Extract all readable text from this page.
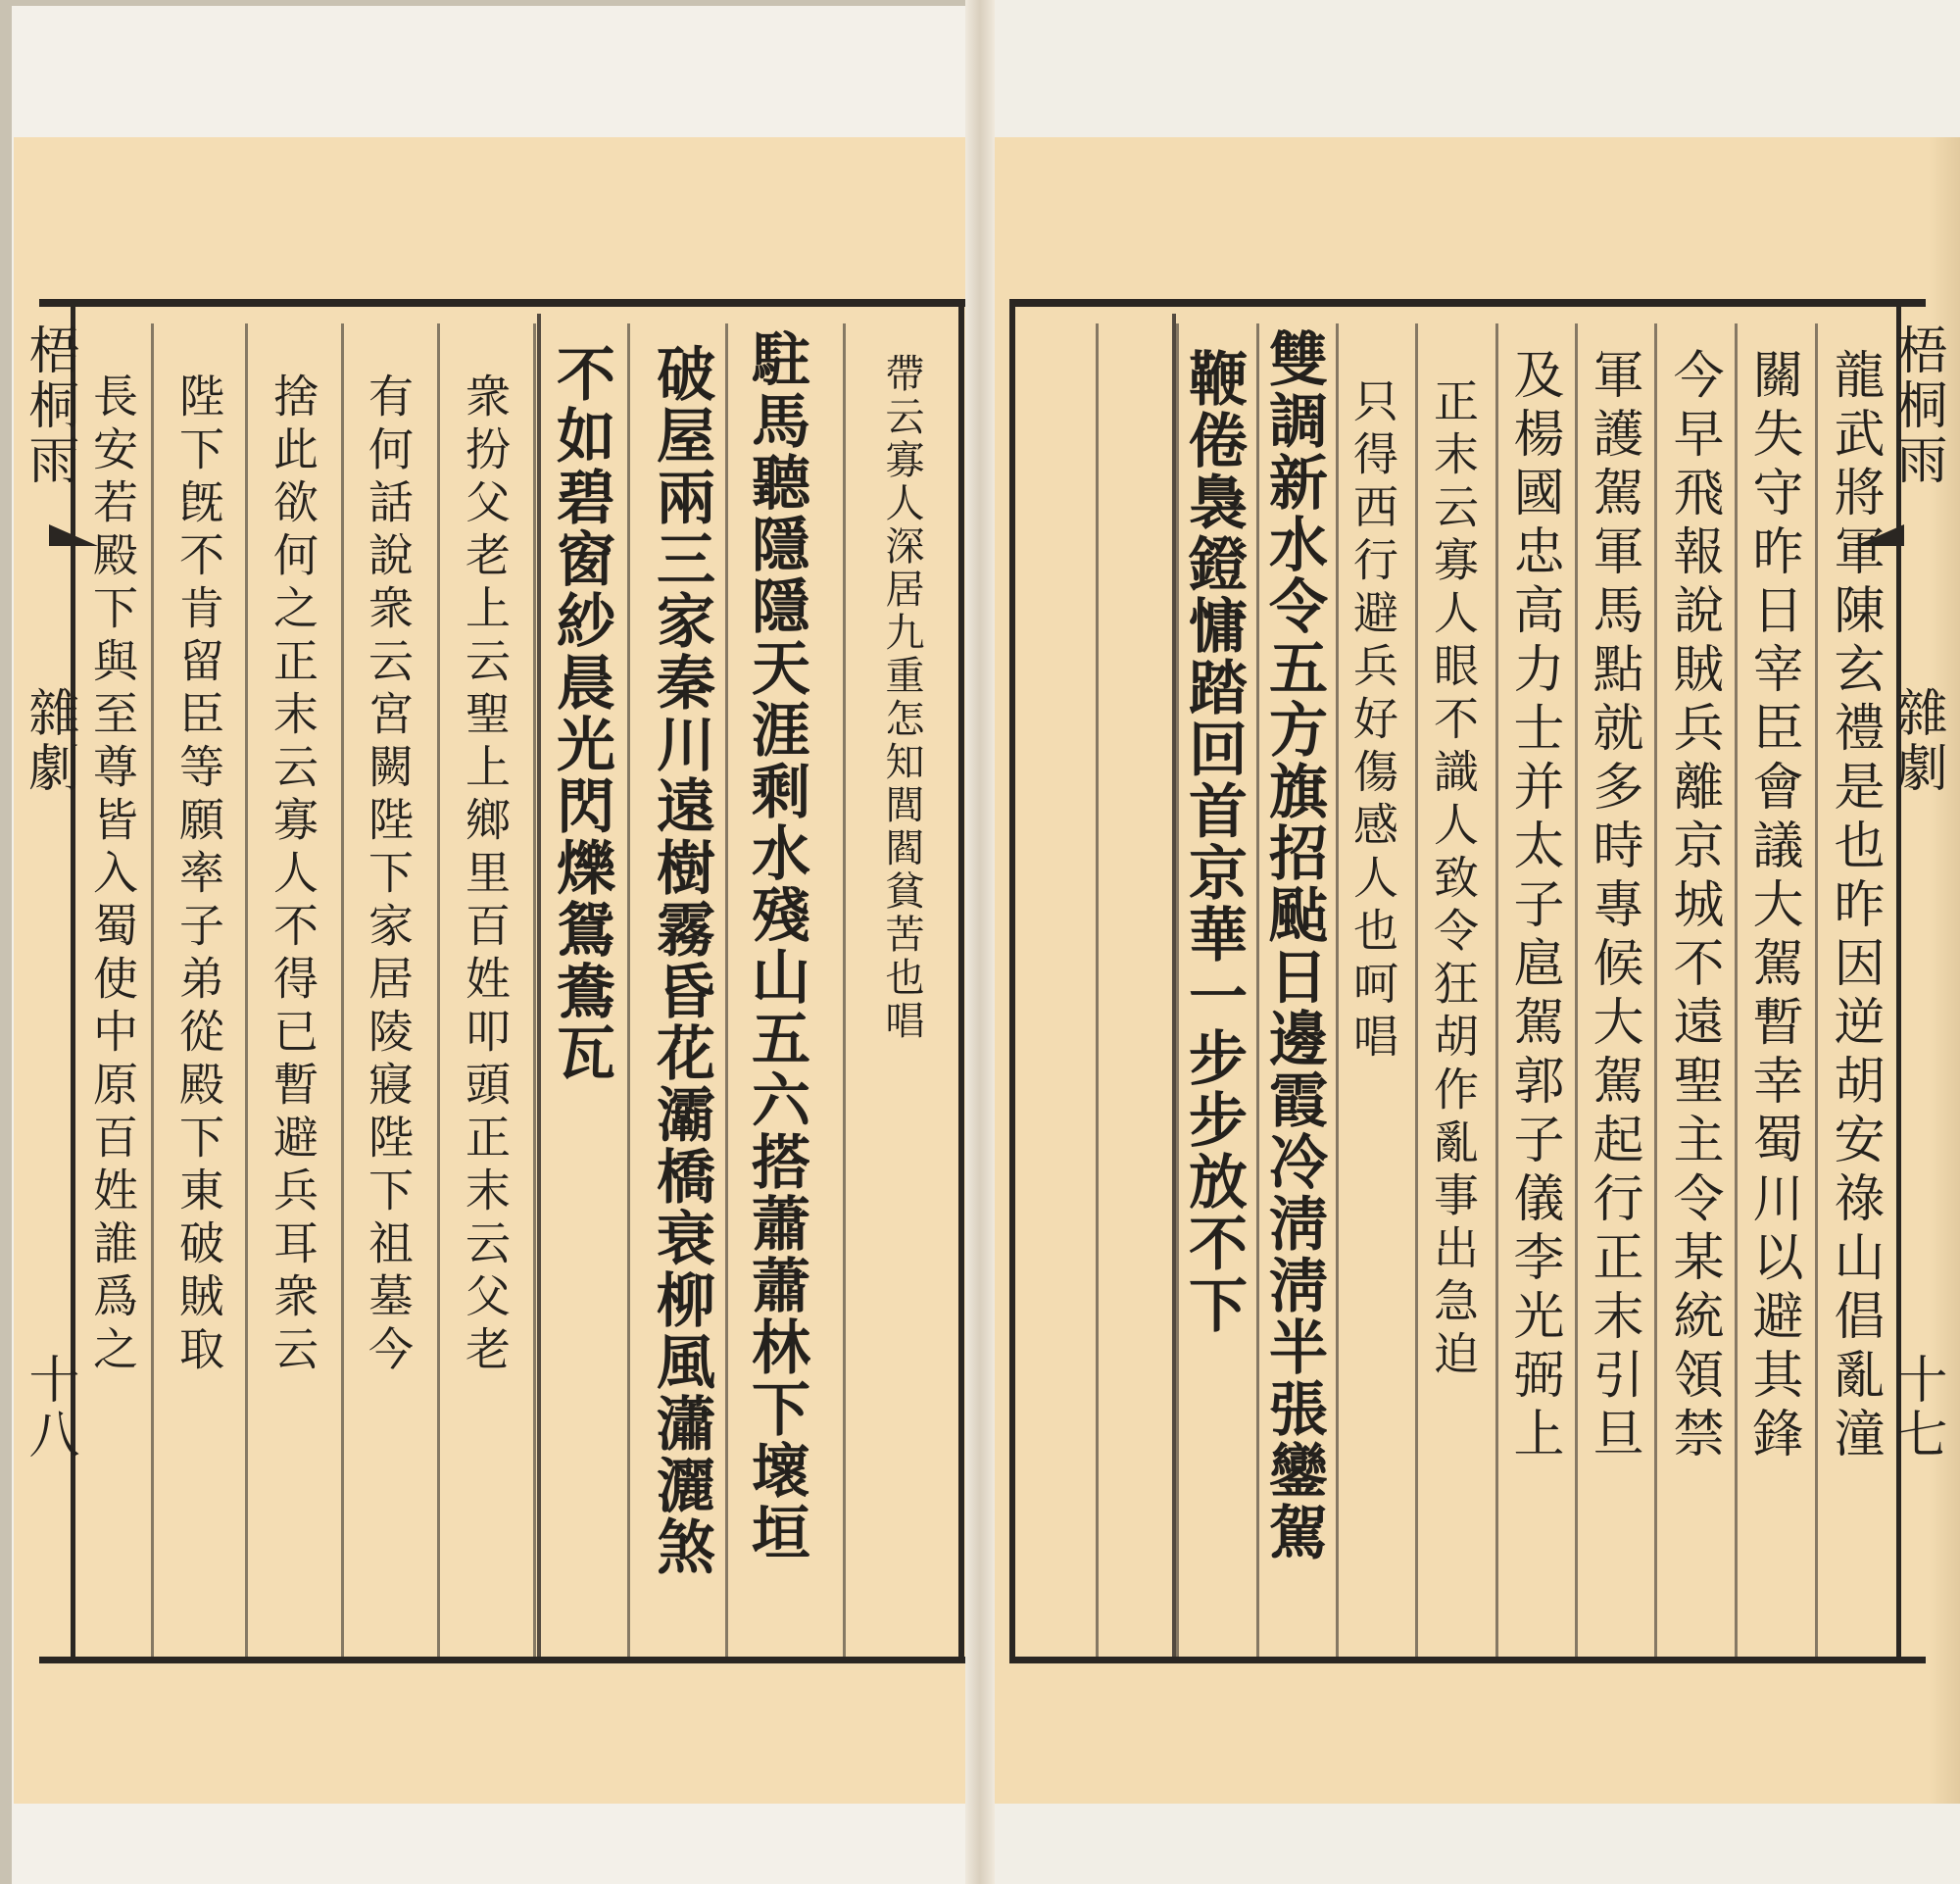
梧桐雨
雜劇
十七
龍武將軍陳玄禮是也昨因逆胡安祿山倡亂潼
關失守昨日宰臣會議大駕暫幸蜀川以避其鋒
今早飛報說賊兵離京城不遠聖主令某統領禁
軍護駕軍馬點就多時專候大駕起行正末引旦
及楊國忠高力士并太子扈駕郭子儀李光弼上
正末云寡人眼不識人致令狂胡作亂事出急迫
只得西行避兵好傷感人也呵唱
雙調新水令五方旗招颭日邊霞冷淸淸半張鑾駕
鞭倦裊鐙慵踏回首京華一步步放不下
梧桐雨
雜劇
十八
帶云寡人深居九重怎知閭閻貧苦也唱
駐馬聽隱隱天涯剩水殘山五六搭蕭蕭林下壞垣
破屋兩三家秦川遠樹霧昏花灞橋衰柳風瀟灑煞
不如碧窗紗晨光閃爍鴛鴦瓦
衆扮父老上云聖上鄉里百姓叩頭正末云父老
有何話說衆云宮闕陛下家居陵寢陛下祖墓今
捨此欲何之正末云寡人不得已暫避兵耳衆云
陛下旣不肯留臣等願率子弟從殿下東破賊取
長安若殿下與至尊皆入蜀使中原百姓誰爲之
